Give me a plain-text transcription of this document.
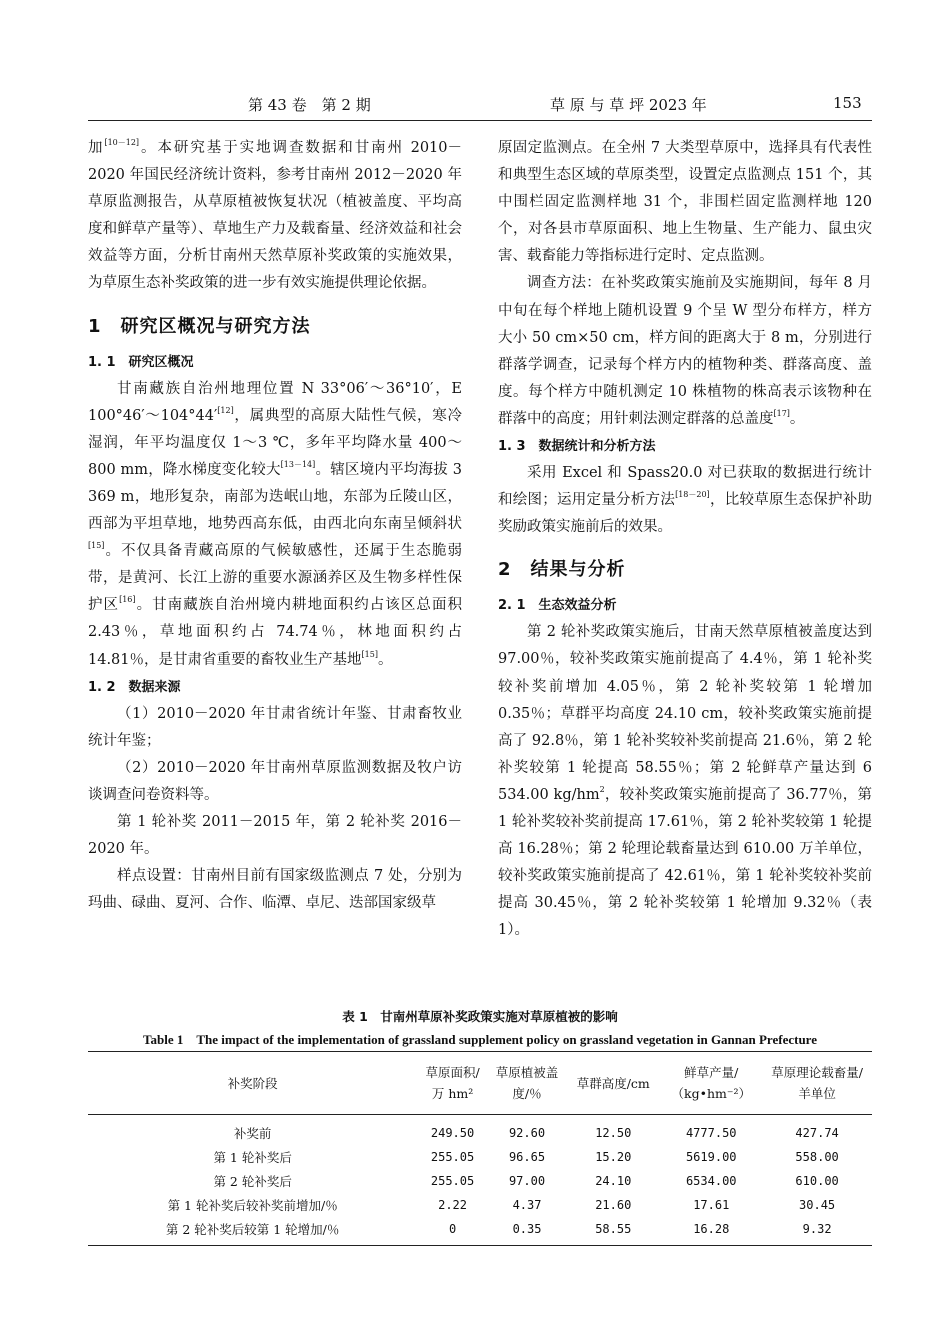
第 43 卷　第 2 期	草 原 与 草 坪 2023 年	153

加[10－12]。本研究基于实地调查数据和甘南州 2010－2020 年国民经济统计资料，参考甘南州 2012－2020 年草原监测报告，从草原植被恢复状况（植被盖度、平均高度和鲜草产量等）、草地生产力及载畜量、经济效益和社会效益等方面，分析甘南州天然草原补奖政策的实施效果，为草原生态补奖政策的进一步有效实施提供理论依据。

1　研究区概况与研究方法
1. 1　研究区概况

甘南藏族自治州地理位置 N 33°06′～36°10′，E 100°46′～104°44′[12]，属典型的高原大陆性气候，寒冷湿润，年平均温度仅 1～3 ℃，多年平均降水量 400～800 mm，降水梯度变化较大[13－14]。辖区境内平均海拔 3 369 m，地形复杂，南部为迭岷山地，东部为丘陵山区，西部为平坦草地，地势西高东低，由西北向东南呈倾斜状[15]。不仅具备青藏高原的气候敏感性，还属于生态脆弱带，是黄河、长江上游的重要水源涵养区及生物多样性保护区[16]。甘南藏族自治州境内耕地面积约占该区总面积 2.43％，草地面积约占 74.74％，林地面积约占 14.81％，是甘肃省重要的畜牧业生产基地[15]。

1. 2　数据来源

（1）2010－2020 年甘肃省统计年鉴、甘肃畜牧业统计年鉴；

（2）2010－2020 年甘南州草原监测数据及牧户访谈调查问卷资料等。

第 1 轮补奖 2011－2015 年，第 2 轮补奖 2016－2020 年。

样点设置：甘南州目前有国家级监测点 7 处，分别为玛曲、碌曲、夏河、合作、临潭、卓尼、迭部国家级草

原固定监测点。在全州 7 大类型草原中，选择具有代表性和典型生态区域的草原类型，设置定点监测点 151 个，其中围栏固定监测样地 31 个，非围栏固定监测样地 120 个，对各县市草原面积、地上生物量、生产能力、鼠虫灾害、载畜能力等指标进行定时、定点监测。

调查方法：在补奖政策实施前及实施期间，每年 8 月中旬在每个样地上随机设置 9 个呈 W 型分布样方，样方大小 50 cm×50 cm，样方间的距离大于 8 m，分别进行群落学调查，记录每个样方内的植物种类、群落高度、盖度。每个样方中随机测定 10 株植物的株高表示该物种在群落中的高度；用针刺法测定群落的总盖度[17]。

1. 3　数据统计和分析方法

采用 Excel 和 Spass20.0 对已获取的数据进行统计和绘图；运用定量分析方法[18－20]，比较草原生态保护补助奖励政策实施前后的效果。

2　结果与分析
2. 1　生态效益分析

第 2 轮补奖政策实施后，甘南天然草原植被盖度达到 97.00％，较补奖政策实施前提高了 4.4％，第 1 轮补奖较补奖前增加 4.05％，第 2 轮补奖较第 1 轮增加 0.35％；草群平均高度 24.10 cm，较补奖政策实施前提高了 92.8％，第 1 轮补奖较补奖前提高 21.6％，第 2 轮补奖较第 1 轮提高 58.55％；第 2 轮鲜草产量达到 6 534.00 $kg/hm^2$，较补奖政策实施前提高了 36.77％，第 1 轮补奖较补奖前提高 17.61％，第 2 轮补奖较第 1 轮提高 16.28％；第 2 轮理论载畜量达到 610.00 万羊单位，较补奖政策实施前提高了 42.61％，第 1 轮补奖较补奖前提高 30.45％，第 2 轮补奖较第 1 轮增加 9.32％（表 1）。

表 1　甘南州草原补奖政策实施对草原植被的影响
Table 1　The impact of the implementation of grassland supplement policy on grassland vegetation in Gannan Prefecture
补奖阶段	草原面积/万 hm²	草原植被盖度/％	草群高度/cm	鲜草产量/（kg•hm⁻²）	草原理论载畜量/羊单位
补奖前	249.50	92.60	12.50	4777.50	427.74
第 1 轮补奖后	255.05	96.65	15.20	5619.00	558.00
第 2 轮补奖后	255.05	97.00	24.10	6534.00	610.00
第 1 轮补奖后较补奖前增加/％	2.22	4.37	21.60	17.61	30.45
第 2 轮补奖后较第 1 轮增加/％	0	0.35	58.55	16.28	9.32
